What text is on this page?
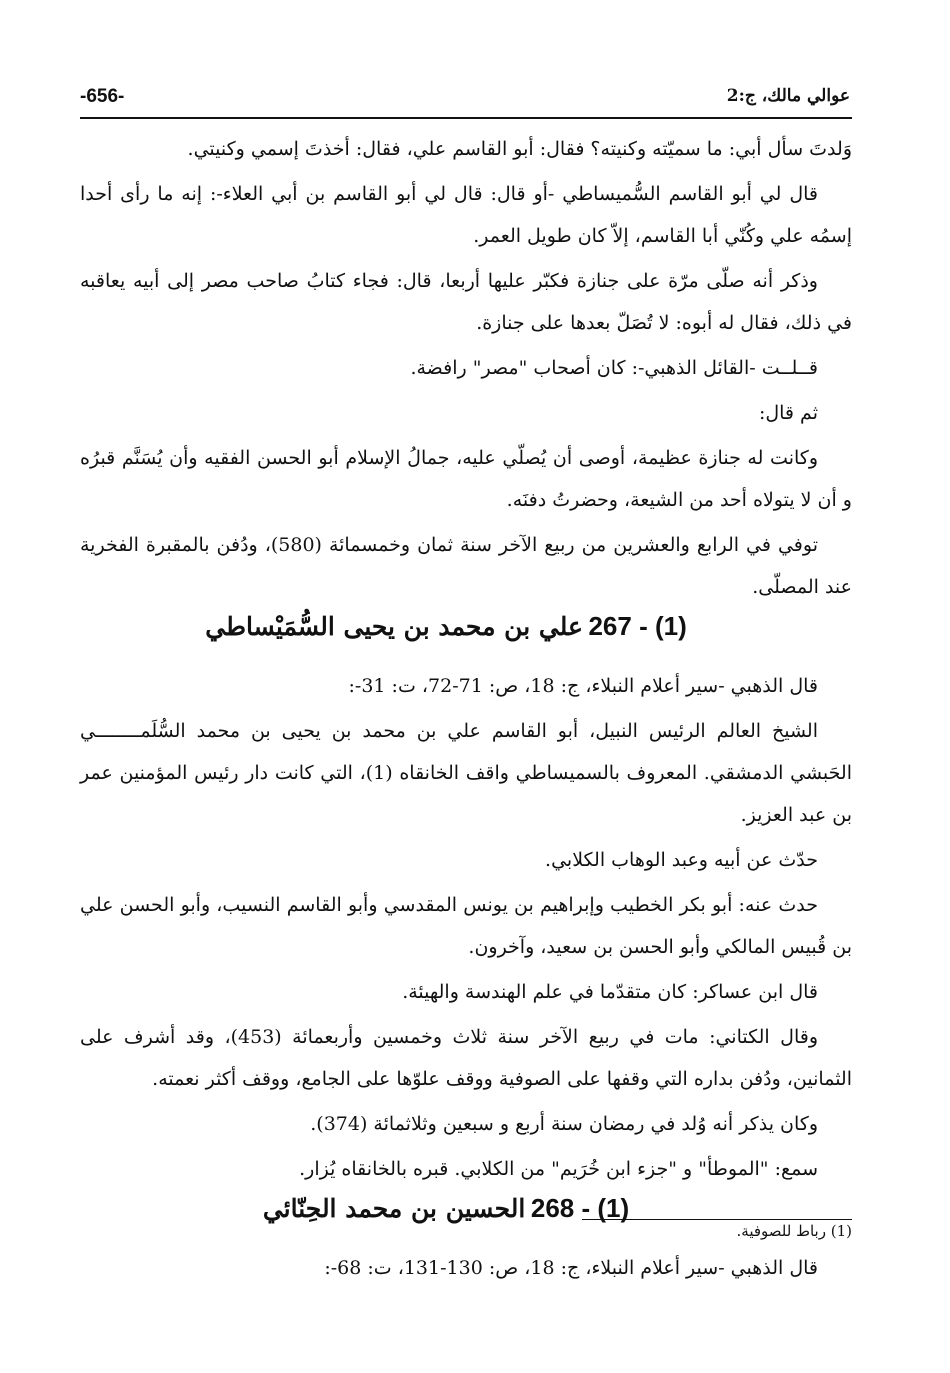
-656-	عوالي مالك، ج:2

وَلدتَ سأل أبي: ما سميّته وكنيته؟ فقال: أبو القاسم علي، فقال: أخذتَ إسمي وكنيتي.

قال لي أبو القاسم السُّميساطي -أو قال: قال لي أبو القاسم بن أبي العلاء-: إنه ما رأى أحدا إسمُه علي وكُنّي أبا القاسم، إلاّ كان طويل العمر.

وذكر أنه صلّى مرّة على جنازة فكبّر عليها أربعا، قال: فجاء كتابُ صاحب مصر إلى أبيه يعاقبه في ذلك، فقال له أبوه: لا تُصَلّ بعدها على جنازة.

قــلــت -القائل الذهبي-: كان أصحاب "مصر" رافضة.

ثم قال:

وكانت له جنازة عظيمة، أوصى أن يُصلّي عليه، جمالُ الإسلام أبو الحسن الفقيه وأن يُسَنَّم قبرُه و أن لا يتولاه أحد من الشيعة، وحضرتُ دفنَه.

توفي في الرابع والعشرين من ربيع الآخر سنة ثمان وخمسمائة (580)، ودُفن بالمقبرة الفخرية عند المصلّى.

267 - (1) علي بن محمد بن يحيى السُّمَيْساطي

قال الذهبي -سير أعلام النبلاء، ج: 18، ص: 71-72، ت: 31-:

الشيخ العالم الرئيس النبيل، أبو القاسم علي بن محمد بن يحيى بن محمد السُّلَمــــــــي الحَبشي الدمشقي. المعروف بالسميساطي واقف الخانقاه (1)، التي كانت دار رئيس المؤمنين عمر بن عبد العزيز.

حدّث عن أبيه وعبد الوهاب الكلابي.

حدث عنه: أبو بكر الخطيب وإبراهيم بن يونس المقدسي وأبو القاسم النسيب، وأبو الحسن علي بن قُبيس المالكي وأبو الحسن بن سعيد، وآخرون.

قال ابن عساكر: كان متقدّما في علم الهندسة والهيئة.

وقال الكتاني: مات في ربيع الآخر سنة ثلاث وخمسين وأربعمائة (453)، وقد أشرف على الثمانين، ودُفن بداره التي وقفها على الصوفية ووقف علوّها على الجامع، ووقف أكثر نعمته.

وكان يذكر أنه وُلد في رمضان سنة أربع و سبعين وثلاثمائة (374).

سمع: "الموطأ" و "جزء ابن خُرَيم" من الكلابي. قبره بالخانقاه يُزار.

268 - (1) الحسين بن محمد الحِنّائي

قال الذهبي -سير أعلام النبلاء، ج: 18، ص: 130-131، ت: 68-:

(1) رباط للصوفية.
